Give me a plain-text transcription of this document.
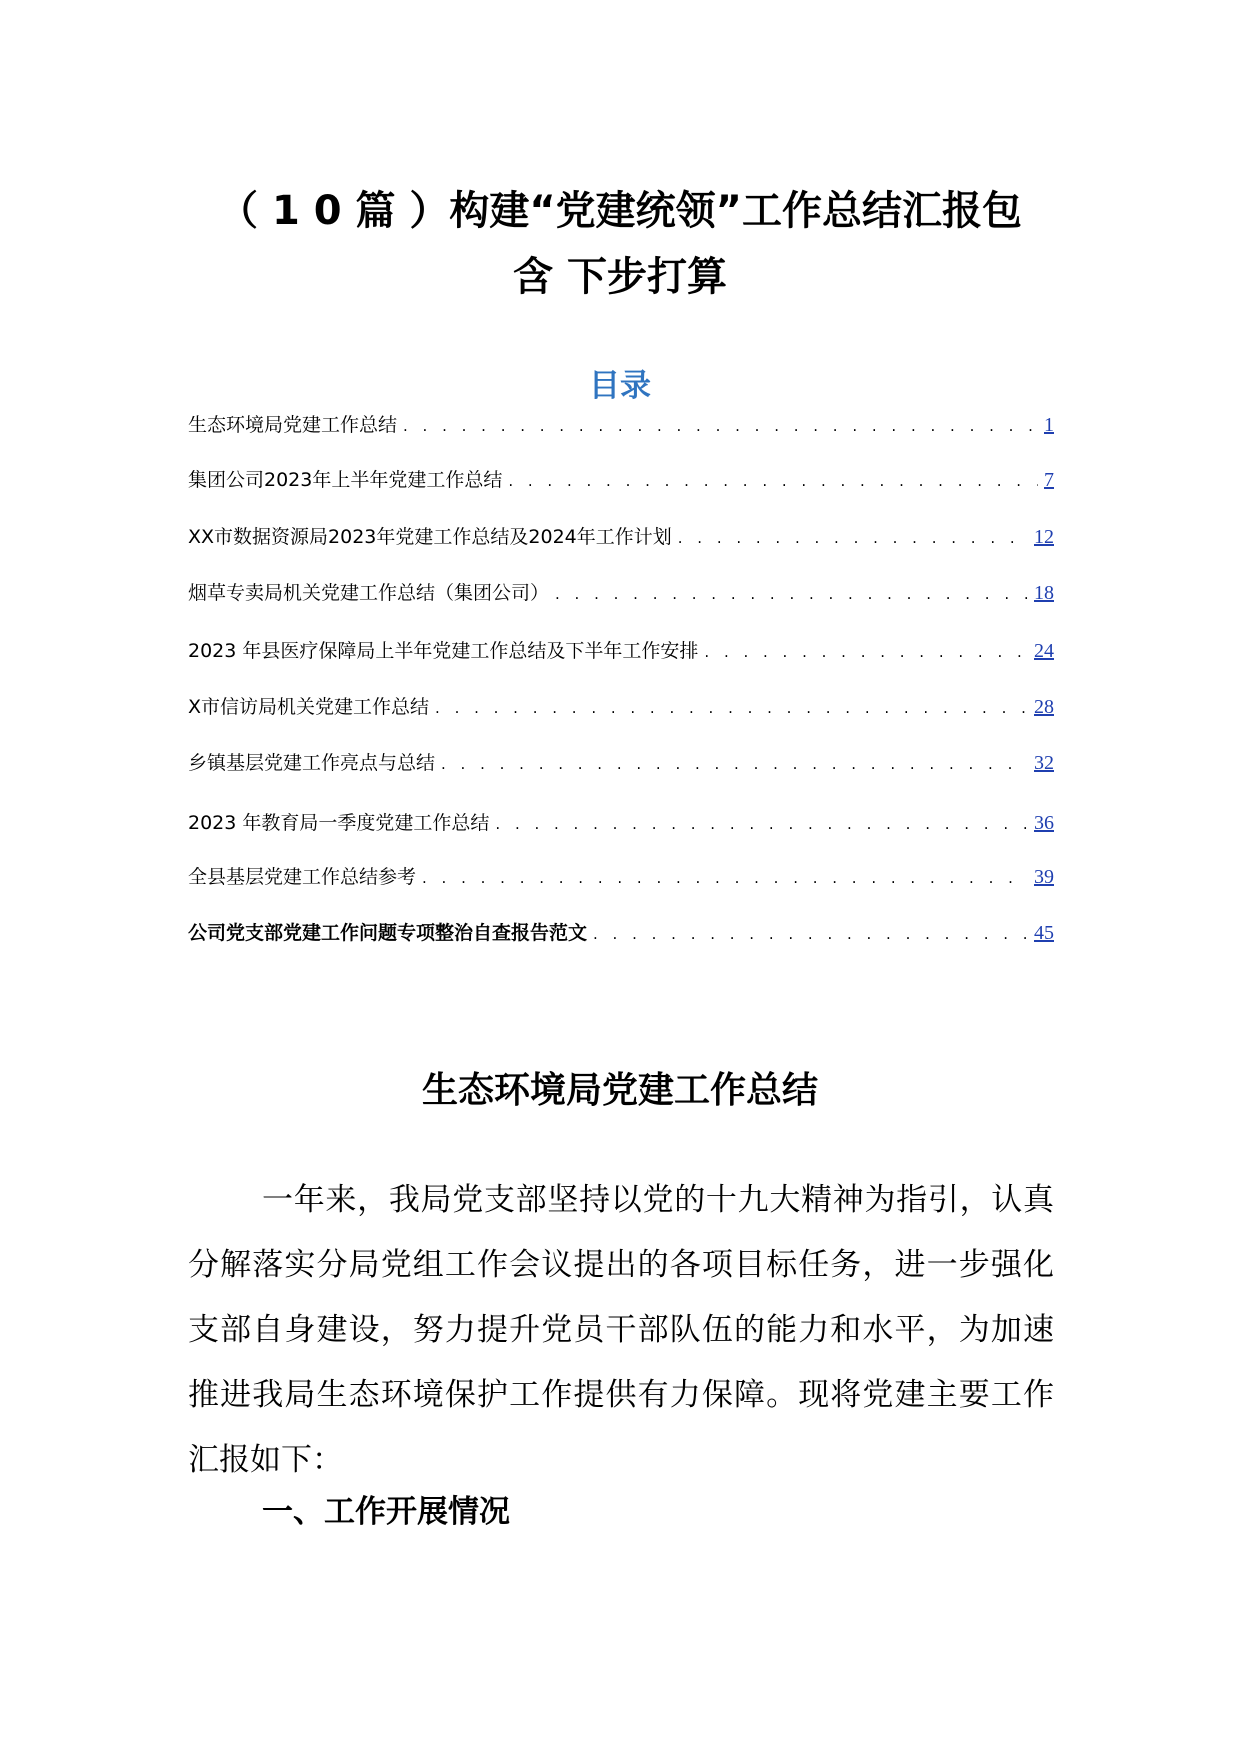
（ 1 0 篇 ）构建“党建统领”工作总结汇报包
含 下步打算
目录
生态环境局党建工作总结 . . .	1
集团公司2023年上半年党建工作总结 . . .	7
XX市数据资源局2023年党建工作总结及2024年工作计划 . . .	12
烟草专卖局机关党建工作总结（集团公司） . . .	18
2023 年县医疗保障局上半年党建工作总结及下半年工作安排 . . .	24
X市信访局机关党建工作总结 . . .	28
乡镇基层党建工作亮点与总结 . . .	32
2023 年教育局一季度党建工作总结 . . .	36
全县基层党建工作总结参考 . . .	39
公司党支部党建工作问题专项整治自查报告范文 . . .	45
生态环境局党建工作总结

一年来，我局党支部坚持以党的十九大精神为指引，认真分解落实分局党组工作会议提出的各项目标任务，进一步强化支部自身建设，努力提升党员干部队伍的能力和水平，为加速推进我局生态环境保护工作提供有力保障。现将党建主要工作汇报如下：

一、工作开展情况
